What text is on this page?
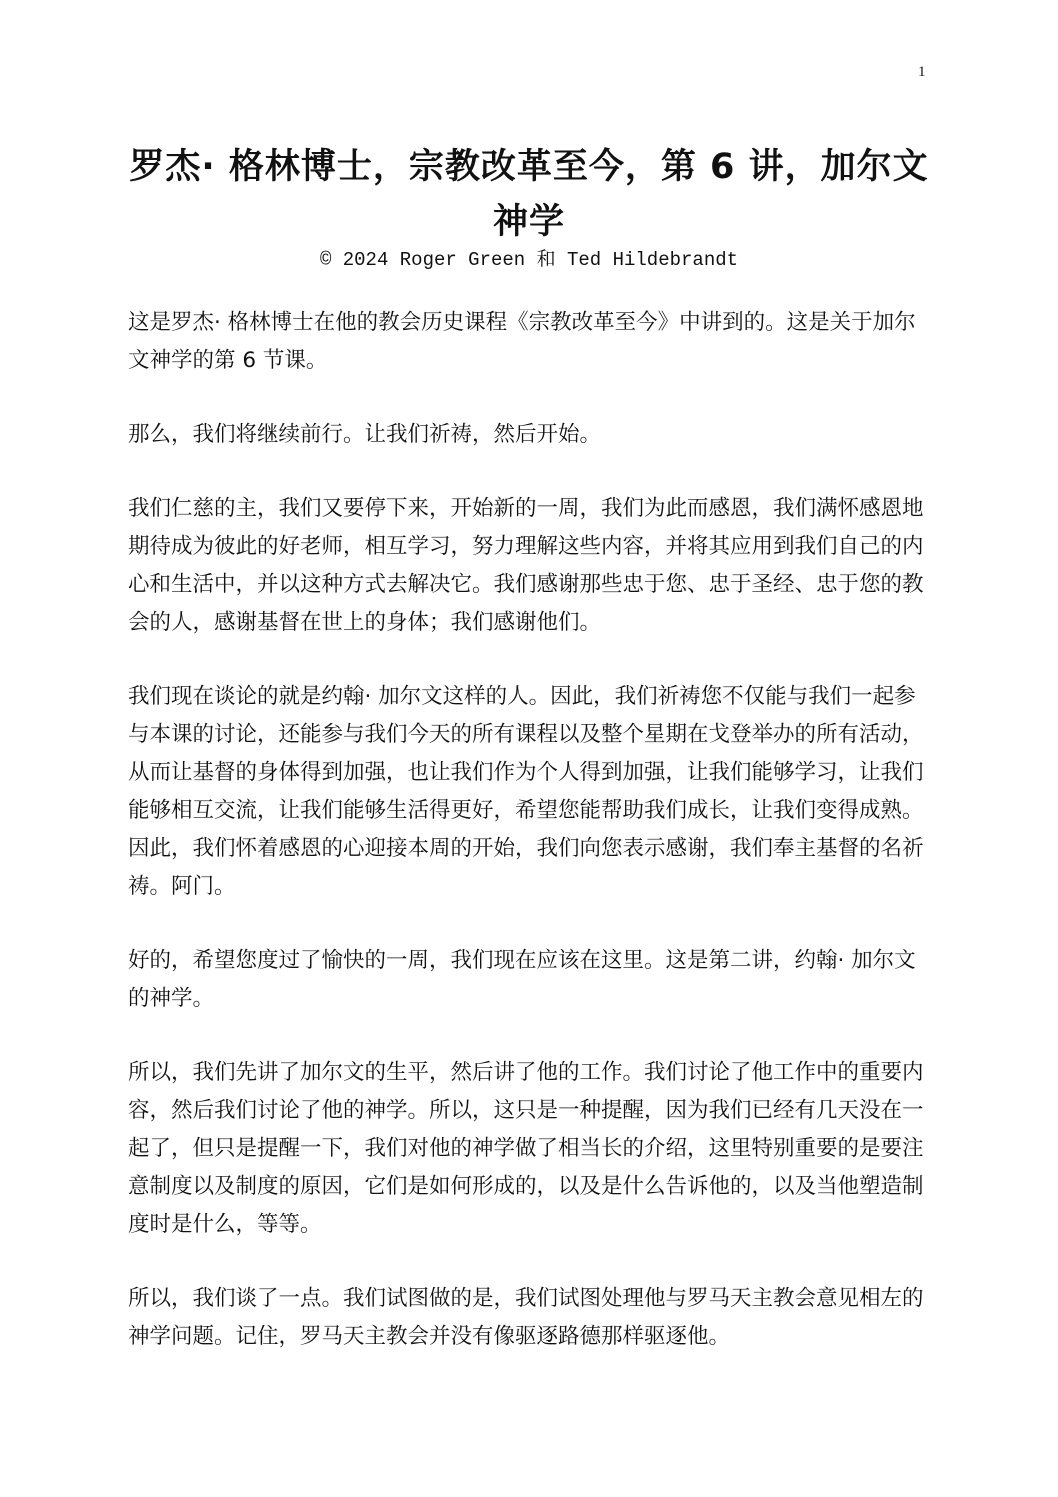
1
罗杰· 格林博士，宗教改革至今，第 6 讲，加尔文神学
© 2024 Roger Green 和 Ted Hildebrandt

这是罗杰· 格林博士在他的教会历史课程《宗教改革至今》中讲到的。这是关于加尔文神学的第 6 节课。

那么，我们将继续前行。让我们祈祷，然后开始。

我们仁慈的主，我们又要停下来，开始新的一周，我们为此而感恩，我们满怀感恩地期待成为彼此的好老师，相互学习，努力理解这些内容，并将其应用到我们自己的内心和生活中，并以这种方式去解决它。我们感谢那些忠于您、忠于圣经、忠于您的教会的人，感谢基督在世上的身体；我们感谢他们。

我们现在谈论的就是约翰· 加尔文这样的人。因此，我们祈祷您不仅能与我们一起参与本课的讨论，还能参与我们今天的所有课程以及整个星期在戈登举办的所有活动，从而让基督的身体得到加强，也让我们作为个人得到加强，让我们能够学习，让我们能够相互交流，让我们能够生活得更好，希望您能帮助我们成长，让我们变得成熟。因此，我们怀着感恩的心迎接本周的开始，我们向您表示感谢，我们奉主基督的名祈祷。阿门。

好的，希望您度过了愉快的一周，我们现在应该在这里。这是第二讲，约翰· 加尔文的神学。

所以，我们先讲了加尔文的生平，然后讲了他的工作。我们讨论了他工作中的重要内容，然后我们讨论了他的神学。所以，这只是一种提醒，因为我们已经有几天没在一起了，但只是提醒一下，我们对他的神学做了相当长的介绍，这里特别重要的是要注意制度以及制度的原因，它们是如何形成的，以及是什么告诉他的，以及当他塑造制度时是什么，等等。

所以，我们谈了一点。我们试图做的是，我们试图处理他与罗马天主教会意见相左的神学问题。记住，罗马天主教会并没有像驱逐路德那样驱逐他。
